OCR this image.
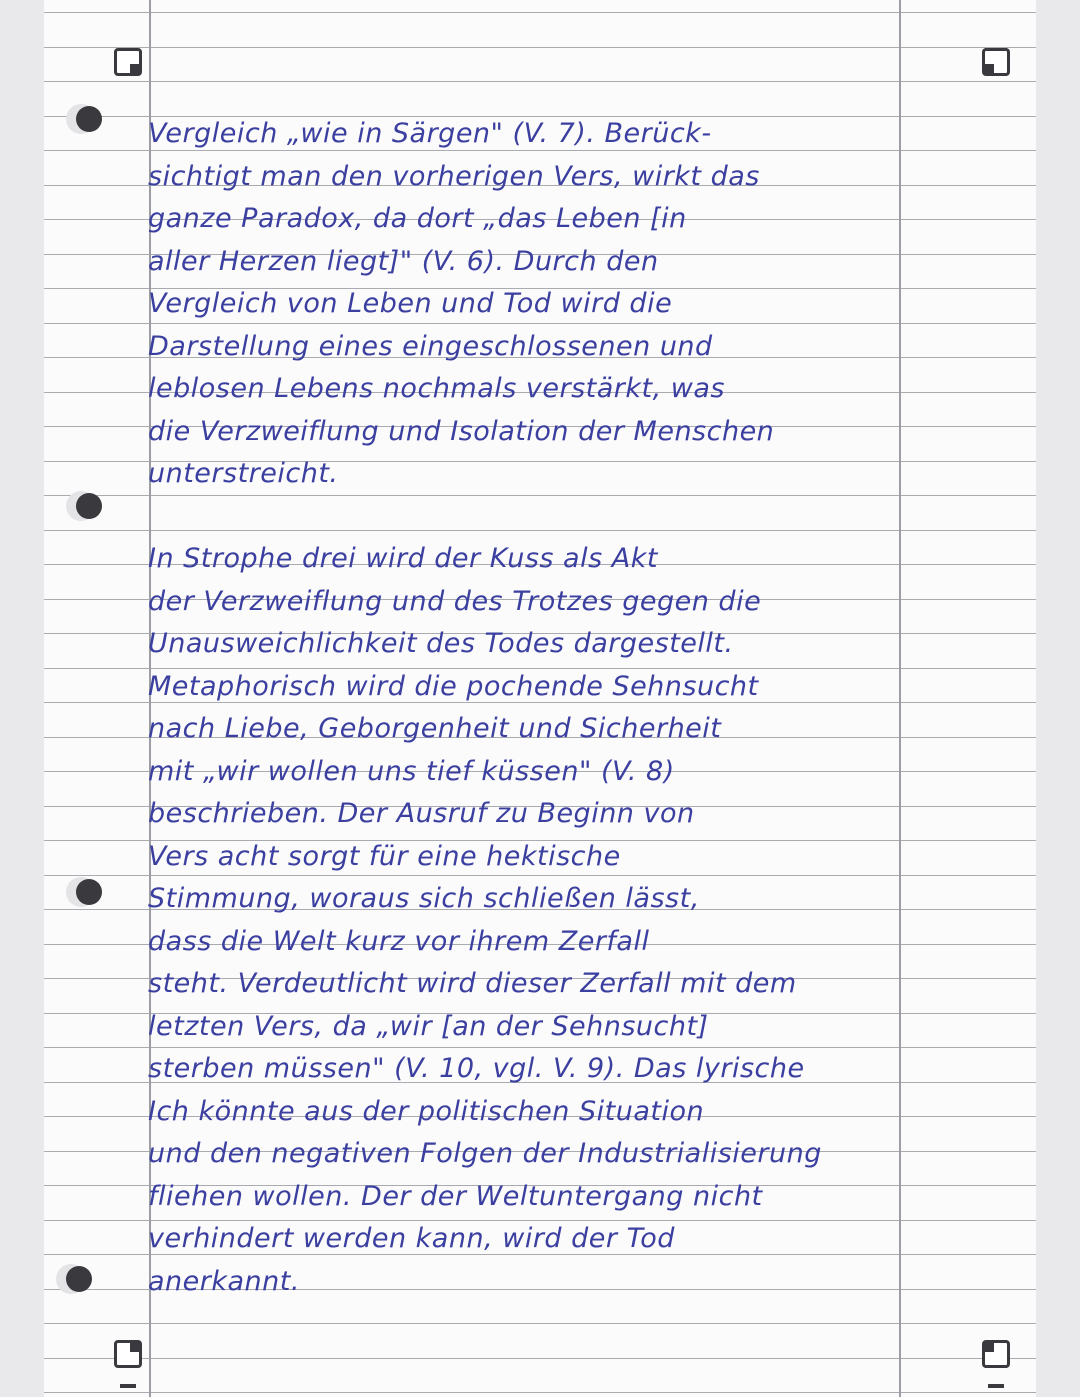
Vergleich „wie in Särgen" (V. 7). Berück-
sichtigt man den vorherigen Vers, wirkt das
ganze Paradox, da dort „das Leben [in
aller Herzen liegt]" (V. 6). Durch den
Vergleich von Leben und Tod wird die
Darstellung eines eingeschlossenen und
leblosen Lebens nochmals verstärkt, was
die Verzweiflung und Isolation der Menschen
unterstreicht.
In Strophe drei wird der Kuss als Akt
der Verzweiflung und des Trotzes gegen die
Unausweichlichkeit des Todes dargestellt.
Metaphorisch wird die pochende Sehnsucht
nach Liebe, Geborgenheit und Sicherheit
mit „wir wollen uns tief küssen" (V. 8)
beschrieben. Der Ausruf zu Beginn von
Vers acht sorgt für eine hektische
Stimmung, woraus sich schließen lässt,
dass die Welt kurz vor ihrem Zerfall
steht. Verdeutlicht wird dieser Zerfall mit dem
letzten Vers, da „wir [an der Sehnsucht]
sterben müssen" (V. 10, vgl. V. 9). Das lyrische
Ich könnte aus der politischen Situation
und den negativen Folgen der Industrialisierung
fliehen wollen. Der der Weltuntergang nicht
verhindert werden kann, wird der Tod
anerkannt.
